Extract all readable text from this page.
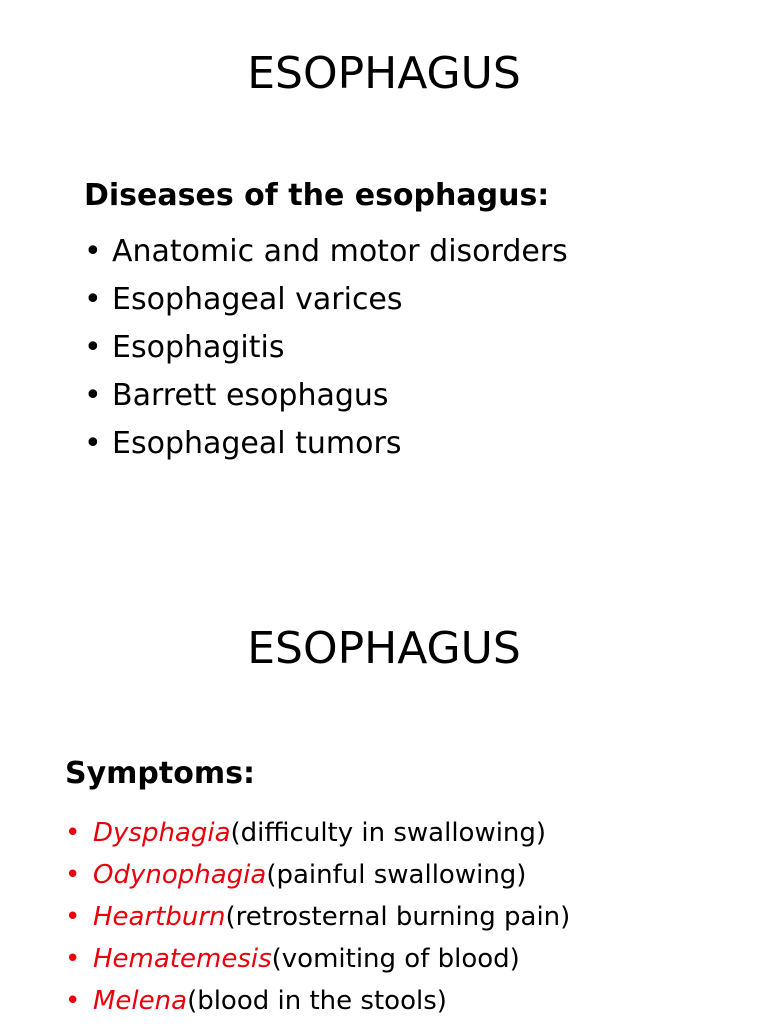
ESOPHAGUS
Diseases of the esophagus:
• Anatomic and motor disorders
• Esophageal varices
• Esophagitis
• Barrett esophagus
• Esophageal tumors
ESOPHAGUS
Symptoms:
• Dysphagia (difficulty in swallowing)
• Odynophagia (painful swallowing)
• Heartburn (retrosternal burning pain)
• Hematemesis (vomiting of blood)
• Melena (blood in the stools)
